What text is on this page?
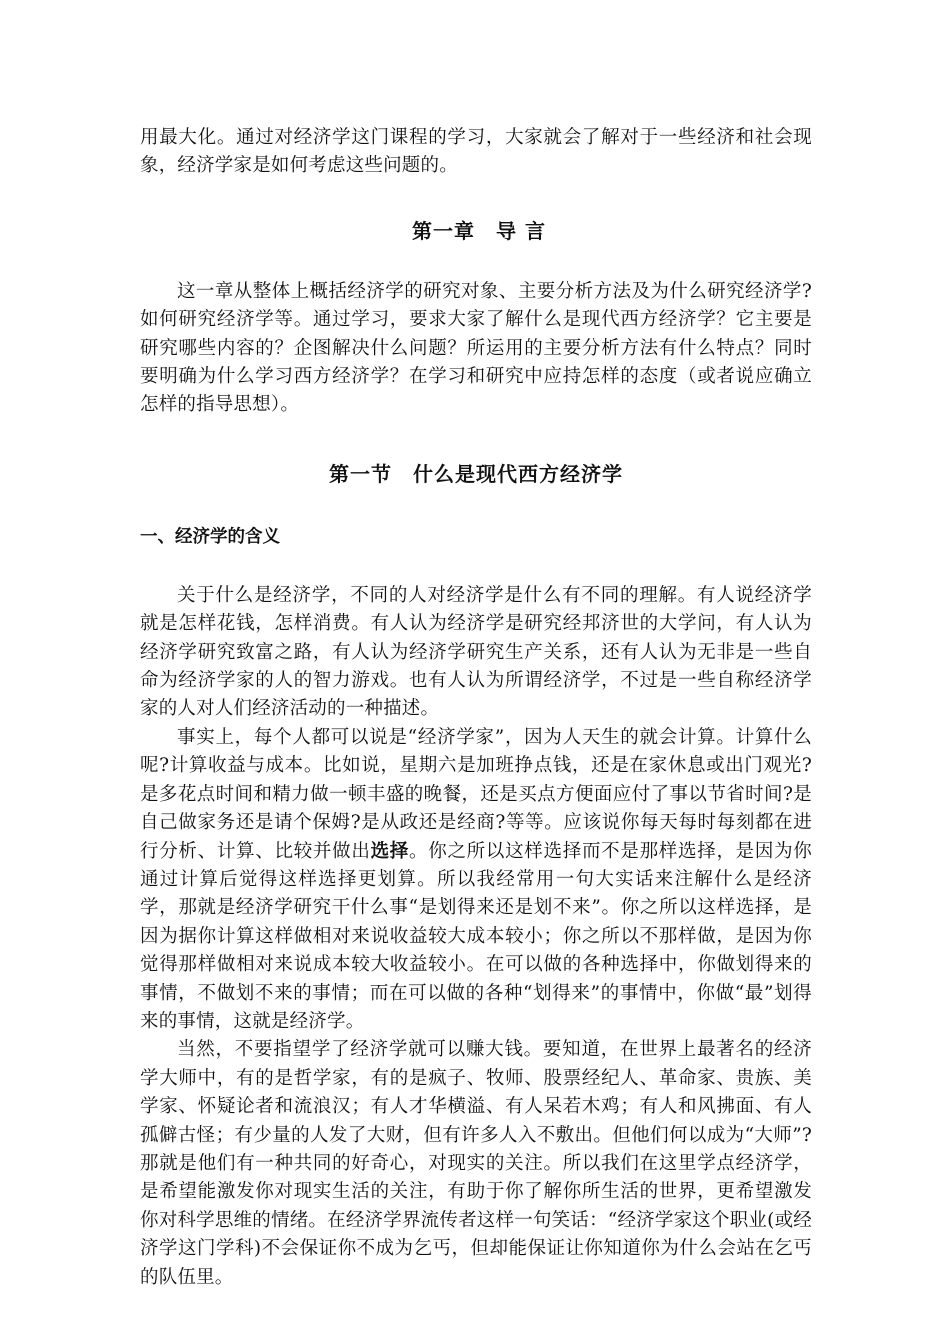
用最大化。通过对经济学这门课程的学习，大家就会了解对于一些经济和社会现象，经济学家是如何考虑这些问题的。

第一章　导 言

这一章从整体上概括经济学的研究对象、主要分析方法及为什么研究经济学?如何研究经济学等。通过学习，要求大家了解什么是现代西方经济学？它主要是研究哪些内容的？企图解决什么问题？所运用的主要分析方法有什么特点？同时要明确为什么学习西方经济学？在学习和研究中应持怎样的态度（或者说应确立怎样的指导思想）。

第一节　什么是现代西方经济学
一、经济学的含义

关于什么是经济学，不同的人对经济学是什么有不同的理解。有人说经济学就是怎样花钱，怎样消费。有人认为经济学是研究经邦济世的大学问，有人认为经济学研究致富之路，有人认为经济学研究生产关系，还有人认为无非是一些自命为经济学家的人的智力游戏。也有人认为所谓经济学，不过是一些自称经济学家的人对人们经济活动的一种描述。

事实上，每个人都可以说是“经济学家”，因为人天生的就会计算。计算什么呢?计算收益与成本。比如说，星期六是加班挣点钱，还是在家休息或出门观光?是多花点时间和精力做一顿丰盛的晚餐，还是买点方便面应付了事以节省时间?是自己做家务还是请个保姆?是从政还是经商?等等。应该说你每天每时每刻都在进行分析、计算、比较并做出选择。你之所以这样选择而不是那样选择，是因为你通过计算后觉得这样选择更划算。所以我经常用一句大实话来注解什么是经济学，那就是经济学研究干什么事“是划得来还是划不来”。你之所以这样选择，是因为据你计算这样做相对来说收益较大成本较小；你之所以不那样做，是因为你觉得那样做相对来说成本较大收益较小。在可以做的各种选择中，你做划得来的事情，不做划不来的事情；而在可以做的各种“划得来”的事情中，你做“最”划得来的事情，这就是经济学。

当然，不要指望学了经济学就可以赚大钱。要知道，在世界上最著名的经济学大师中，有的是哲学家，有的是疯子、牧师、股票经纪人、革命家、贵族、美学家、怀疑论者和流浪汉；有人才华横溢、有人呆若木鸡；有人和风拂面、有人孤僻古怪；有少量的人发了大财，但有许多人入不敷出。但他们何以成为“大师”?那就是他们有一种共同的好奇心，对现实的关注。所以我们在这里学点经济学，是希望能激发你对现实生活的关注，有助于你了解你所生活的世界，更希望激发你对科学思维的情绪。在经济学界流传者这样一句笑话：“经济学家这个职业(或经济学这门学科)不会保证你不成为乞丐，但却能保证让你知道你为什么会站在乞丐的队伍里。
